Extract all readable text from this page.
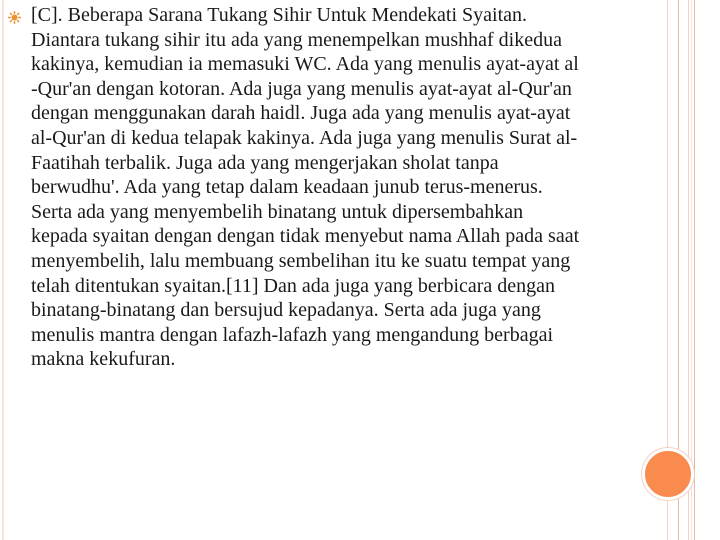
[C]. Beberapa Sarana Tukang Sihir Untuk Mendekati Syaitan.
Diantara tukang sihir itu ada yang menempelkan mushhaf dikedua
kakinya, kemudian ia memasuki WC. Ada yang menulis ayat-ayat al
-Qur'an dengan kotoran. Ada juga yang menulis ayat-ayat al-Qur'an
dengan menggunakan darah haidl. Juga ada yang menulis ayat-ayat
al-Qur'an di kedua telapak kakinya. Ada juga yang menulis Surat al-
Faatihah terbalik. Juga ada yang mengerjakan sholat tanpa
berwudhu'. Ada yang tetap dalam keadaan junub terus-menerus.
Serta ada yang menyembelih binatang untuk dipersembahkan
kepada syaitan dengan dengan tidak menyebut nama Allah pada saat
menyembelih, lalu membuang sembelihan itu ke suatu tempat yang
telah ditentukan syaitan.[11] Dan ada juga yang berbicara dengan
binatang-binatang dan bersujud kepadanya. Serta ada juga yang
menulis mantra dengan lafazh-lafazh yang mengandung berbagai
makna kekufuran.
